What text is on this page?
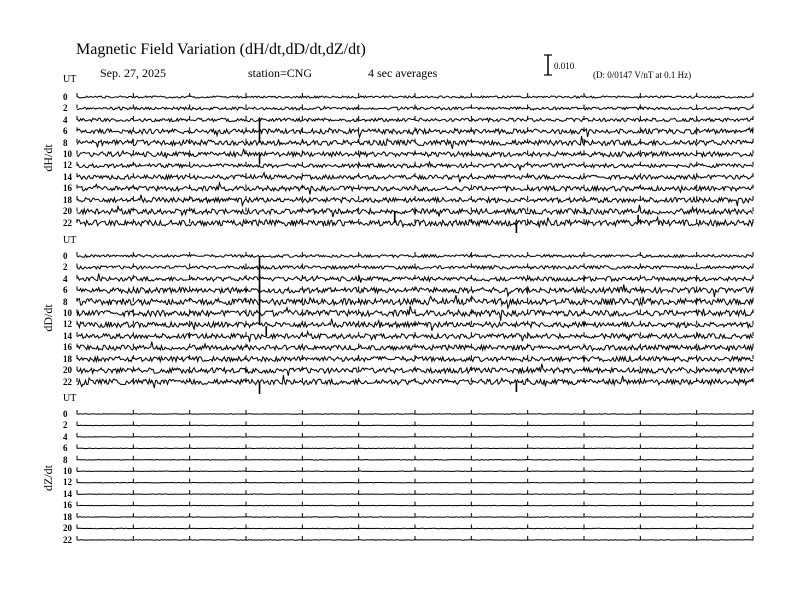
Magnetic Field Variation (dH/dt,dD/dt,dZ/dt)
Sep. 27, 2025	station=CNG	4 sec averages	0.010
(D: 0/0147 V/nT at 0.1 Hz)
UT
dH/dt
0
2
4
6
8
10
12
14
16
18
20
22
UT
dD/dt
0
2
4
6
8
10
12
14
16
18
20
22
UT
dZ/dt
0
2
4
6
8
10
12
14
16
18
20
22
